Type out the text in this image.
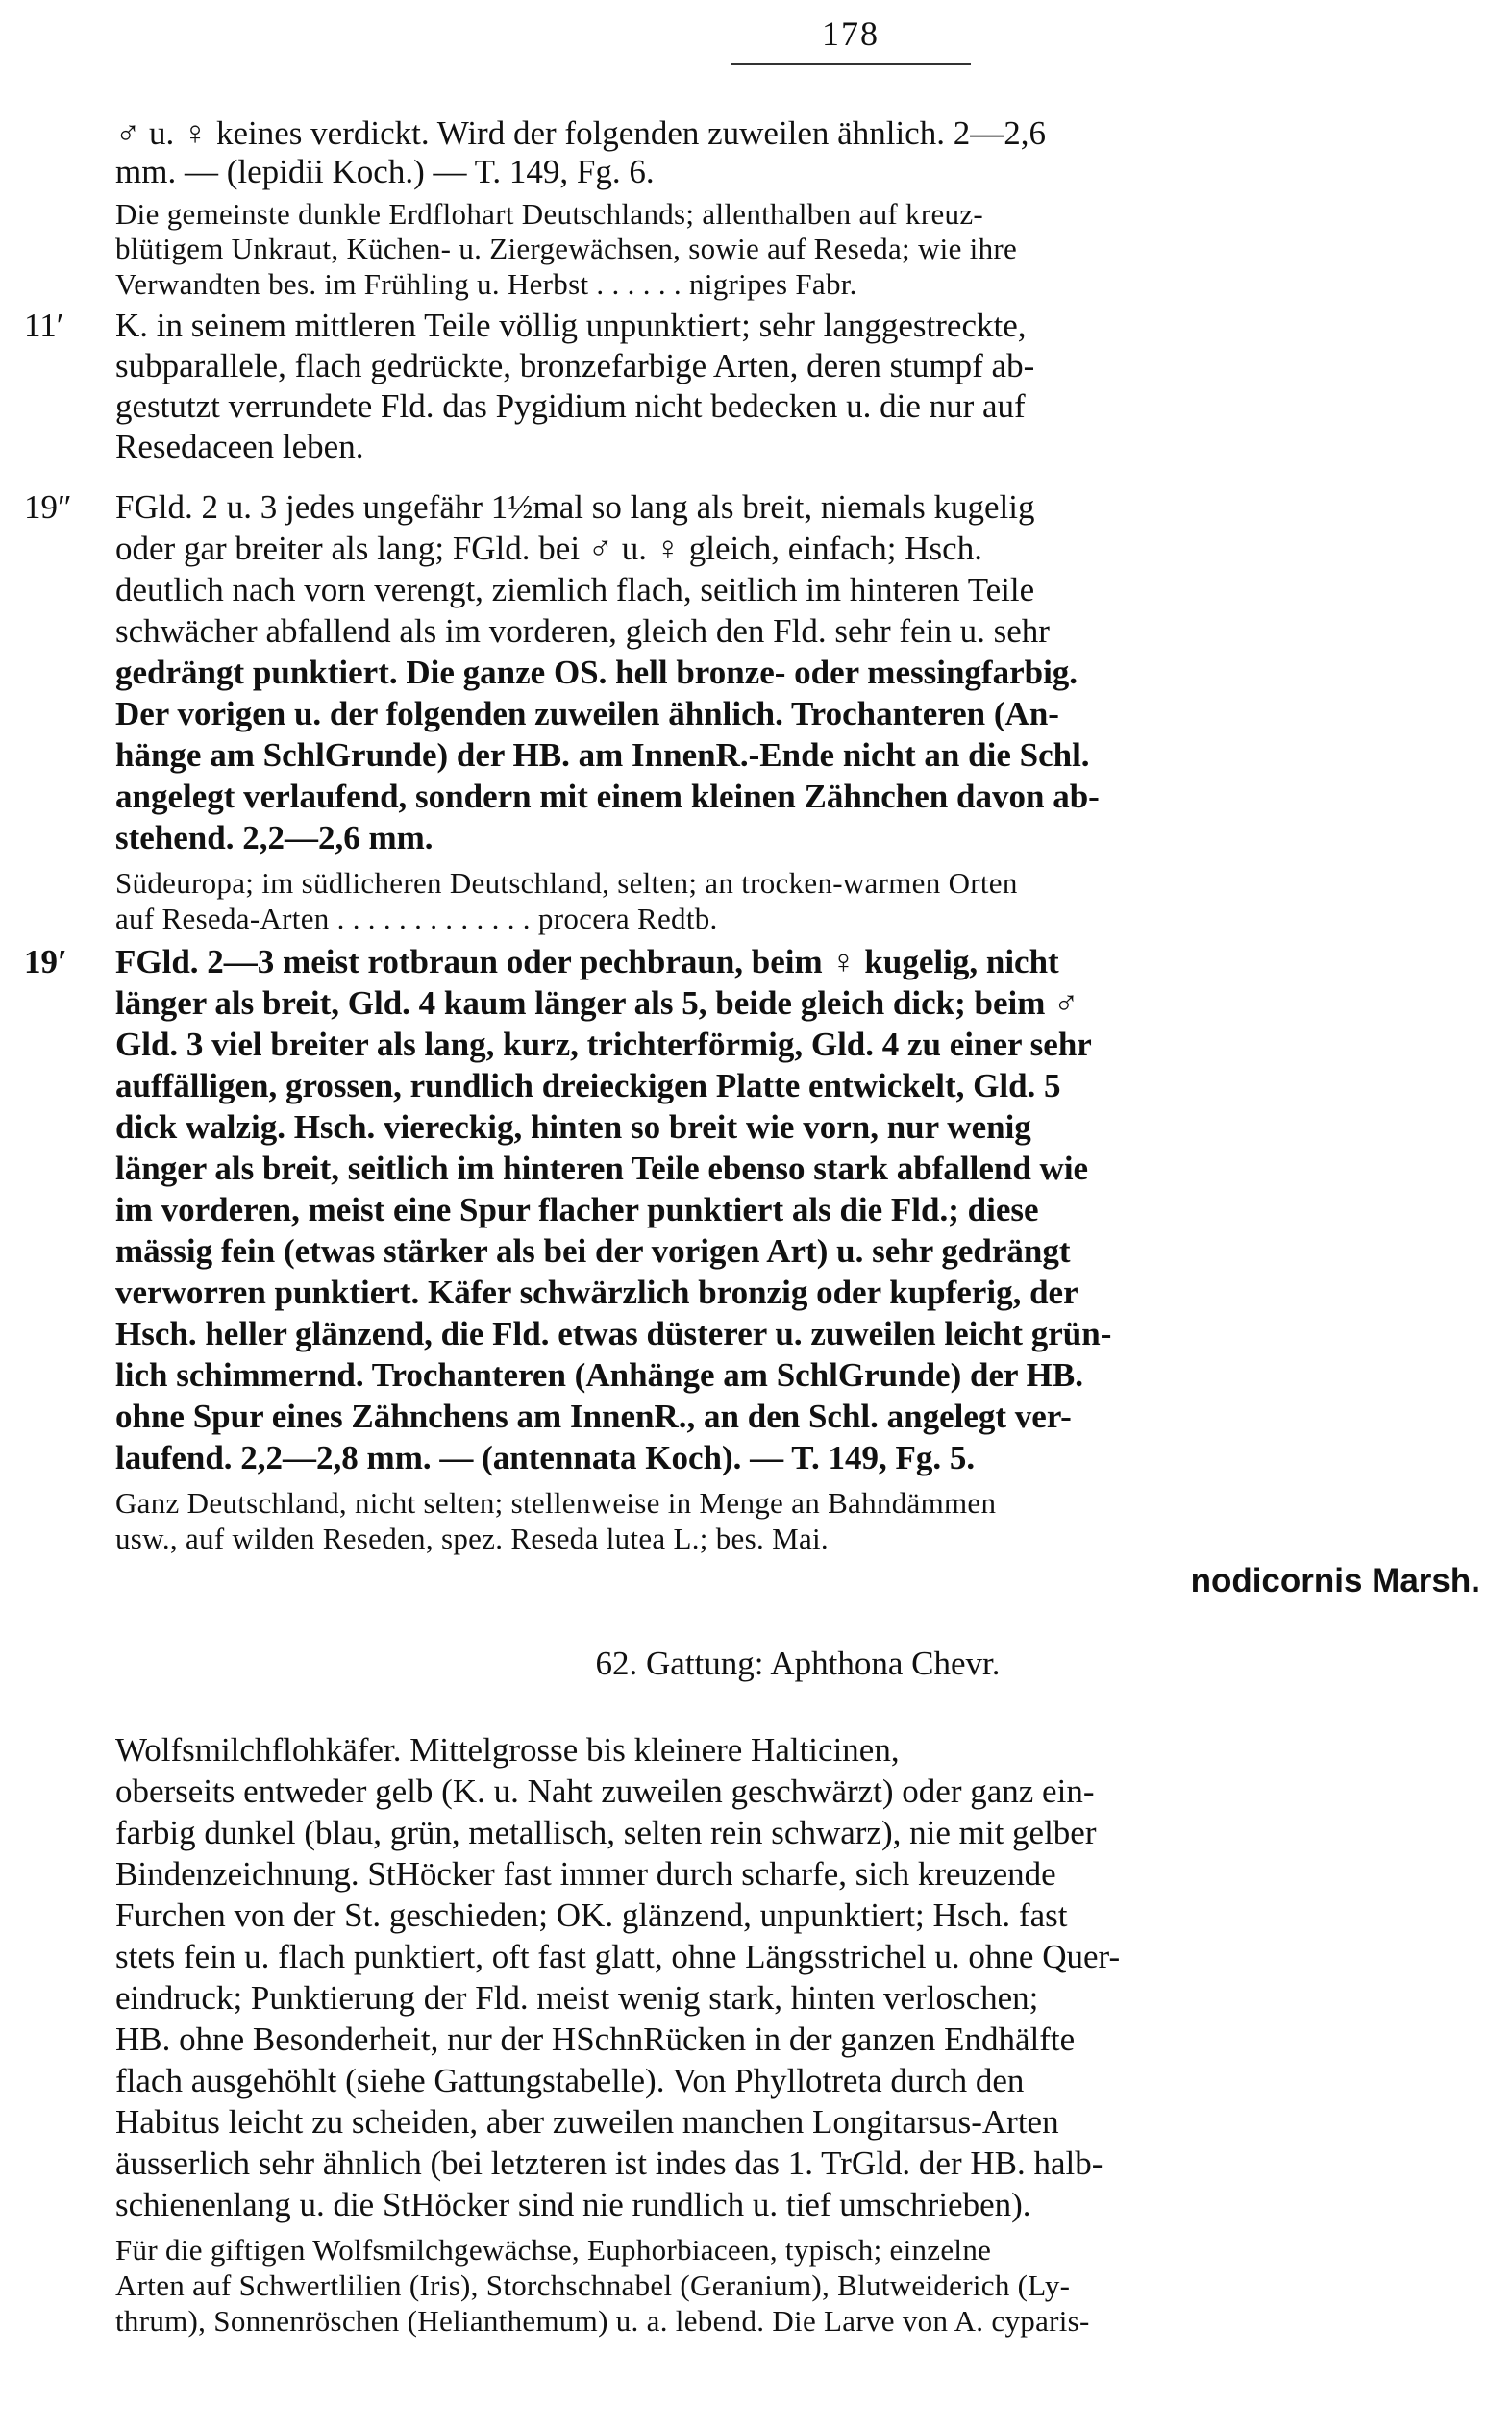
178
♂ u. ♀ keines verdickt. Wird der folgenden zuweilen ähnlich. 2—2,6
mm. — (lepidii Koch.) — T. 149, Fg. 6.
Die gemeinste dunkle Erdflohart Deutschlands; allenthalben auf kreuz-
blütigem Unkraut, Küchen- u. Ziergewächsen, sowie auf Reseda; wie ihre
Verwandten bes. im Frühling u. Herbst . . . . . . nigripes Fabr.
11′	K. in seinem mittleren Teile völlig unpunktiert; sehr langgestreckte,
subparallele, flach gedrückte, bronzefarbige Arten, deren stumpf ab-
gestutzt verrundete Fld. das Pygidium nicht bedecken u. die nur auf
Resedaceen leben.
19″	FGld. 2 u. 3 jedes ungefähr 1½mal so lang als breit, niemals kugelig
oder gar breiter als lang; FGld. bei ♂ u. ♀ gleich, einfach; Hsch.
deutlich nach vorn verengt, ziemlich flach, seitlich im hinteren Teile
schwächer abfallend als im vorderen, gleich den Fld. sehr fein u. sehr
gedrängt punktiert. Die ganze OS. hell bronze- oder messingfarbig.
Der vorigen u. der folgenden zuweilen ähnlich. Trochanteren (An-
hänge am SchlGrunde) der HB. am InnenR.-Ende nicht an die Schl.
angelegt verlaufend, sondern mit einem kleinen Zähnchen davon ab-
stehend. 2,2—2,6 mm.
Südeuropa; im südlicheren Deutschland, selten; an trocken-warmen Orten
auf Reseda-Arten . . . . . . . . . . . . . procera Redtb.
19′	FGld. 2—3 meist rotbraun oder pechbraun, beim ♀ kugelig, nicht
länger als breit, Gld. 4 kaum länger als 5, beide gleich dick; beim ♂
Gld. 3 viel breiter als lang, kurz, trichterförmig, Gld. 4 zu einer sehr
auffälligen, grossen, rundlich dreieckigen Platte entwickelt, Gld. 5
dick walzig. Hsch. viereckig, hinten so breit wie vorn, nur wenig
länger als breit, seitlich im hinteren Teile ebenso stark abfallend wie
im vorderen, meist eine Spur flacher punktiert als die Fld.; diese
mässig fein (etwas stärker als bei der vorigen Art) u. sehr gedrängt
verworren punktiert. Käfer schwärzlich bronzig oder kupferig, der
Hsch. heller glänzend, die Fld. etwas düsterer u. zuweilen leicht grün-
lich schimmernd. Trochanteren (Anhänge am SchlGrunde) der HB.
ohne Spur eines Zähnchens am InnenR., an den Schl. angelegt ver-
laufend. 2,2—2,8 mm. — (antennata Koch). — T. 149, Fg. 5.
Ganz Deutschland, nicht selten; stellenweise in Menge an Bahndämmen
usw., auf wilden Reseden, spez. Reseda lutea L.; bes. Mai.
nodicornis Marsh.
62. Gattung: Aphthona Chevr.
Wolfsmilchflohkäfer. Mittelgrosse bis kleinere Halticinen,
oberseits entweder gelb (K. u. Naht zuweilen geschwärzt) oder ganz ein-
farbig dunkel (blau, grün, metallisch, selten rein schwarz), nie mit gelber
Bindenzeichnung. StHöcker fast immer durch scharfe, sich kreuzende
Furchen von der St. geschieden; OK. glänzend, unpunktiert; Hsch. fast
stets fein u. flach punktiert, oft fast glatt, ohne Längsstrichel u. ohne Quer-
eindruck; Punktierung der Fld. meist wenig stark, hinten verloschen;
HB. ohne Besonderheit, nur der HSchnRücken in der ganzen Endhälfte
flach ausgehöhlt (siehe Gattungstabelle). Von Phyllotreta durch den
Habitus leicht zu scheiden, aber zuweilen manchen Longitarsus-Arten
äusserlich sehr ähnlich (bei letzteren ist indes das 1. TrGld. der HB. halb-
schienenlang u. die StHöcker sind nie rundlich u. tief umschrieben).
Für die giftigen Wolfsmilchgewächse, Euphorbiaceen, typisch; einzelne
Arten auf Schwertlilien (Iris), Storchschnabel (Geranium), Blutweiderich (Ly-
thrum), Sonnenröschen (Helianthemum) u. a. lebend. Die Larve von A. cyparis-
